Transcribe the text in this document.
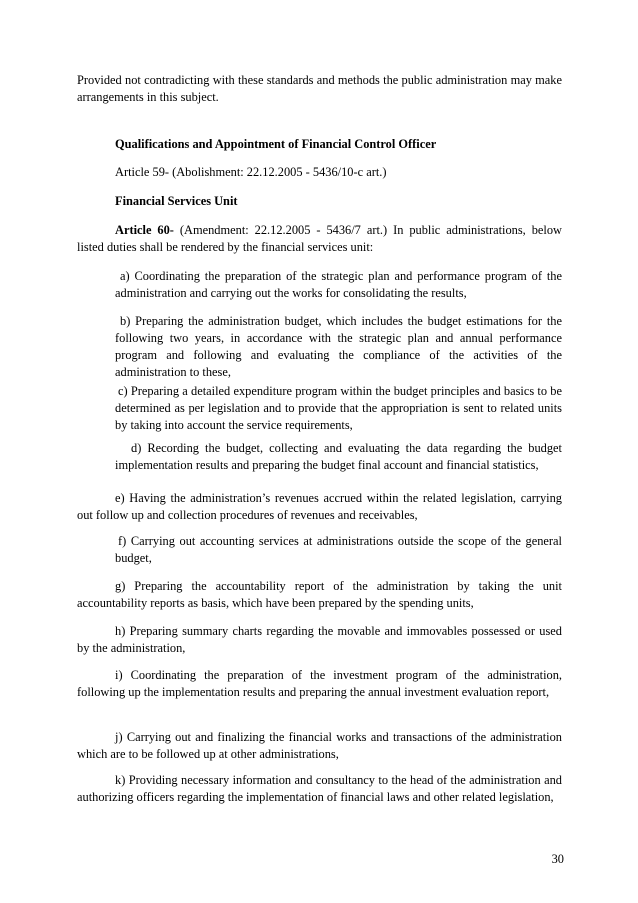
Provided not contradicting with these standards and methods the public administration may make arrangements in this subject.

Qualifications and Appointment of Financial Control Officer

Article 59- (Abolishment: 22.12.2005 - 5436/10-c art.)

Financial Services Unit

Article 60- (Amendment: 22.12.2005 - 5436/7 art.) In public administrations, below listed duties shall be rendered by the financial services unit:

a) Coordinating the preparation of the strategic plan and performance program of the administration and carrying out the works for consolidating the results,

b) Preparing the administration budget, which includes the budget estimations for the following two years, in accordance with the strategic plan and annual performance program and following and evaluating the compliance of the activities of the administration to these,

c) Preparing a detailed expenditure program within the budget principles and basics to be determined as per legislation and to provide that the appropriation is sent to related units by taking into account the service requirements,

d) Recording the budget, collecting and evaluating the data regarding the budget implementation results and preparing the budget final account and financial statistics,

e) Having the administration’s revenues accrued within the related legislation, carrying out follow up and collection procedures of revenues and receivables,

f) Carrying out accounting services at administrations outside the scope of the general budget,

g) Preparing the accountability report of the administration by taking the unit accountability reports as basis, which have been prepared by the spending units,

h) Preparing summary charts regarding the movable and immovables possessed or used by the administration,

i) Coordinating the preparation of the investment program of the administration, following up the implementation results and preparing the annual investment evaluation report,

j) Carrying out and finalizing the financial works and transactions of the administration which are to be followed up at other administrations,

k) Providing necessary information and consultancy to the head of the administration and authorizing officers regarding the implementation of financial laws and other related legislation,

30
